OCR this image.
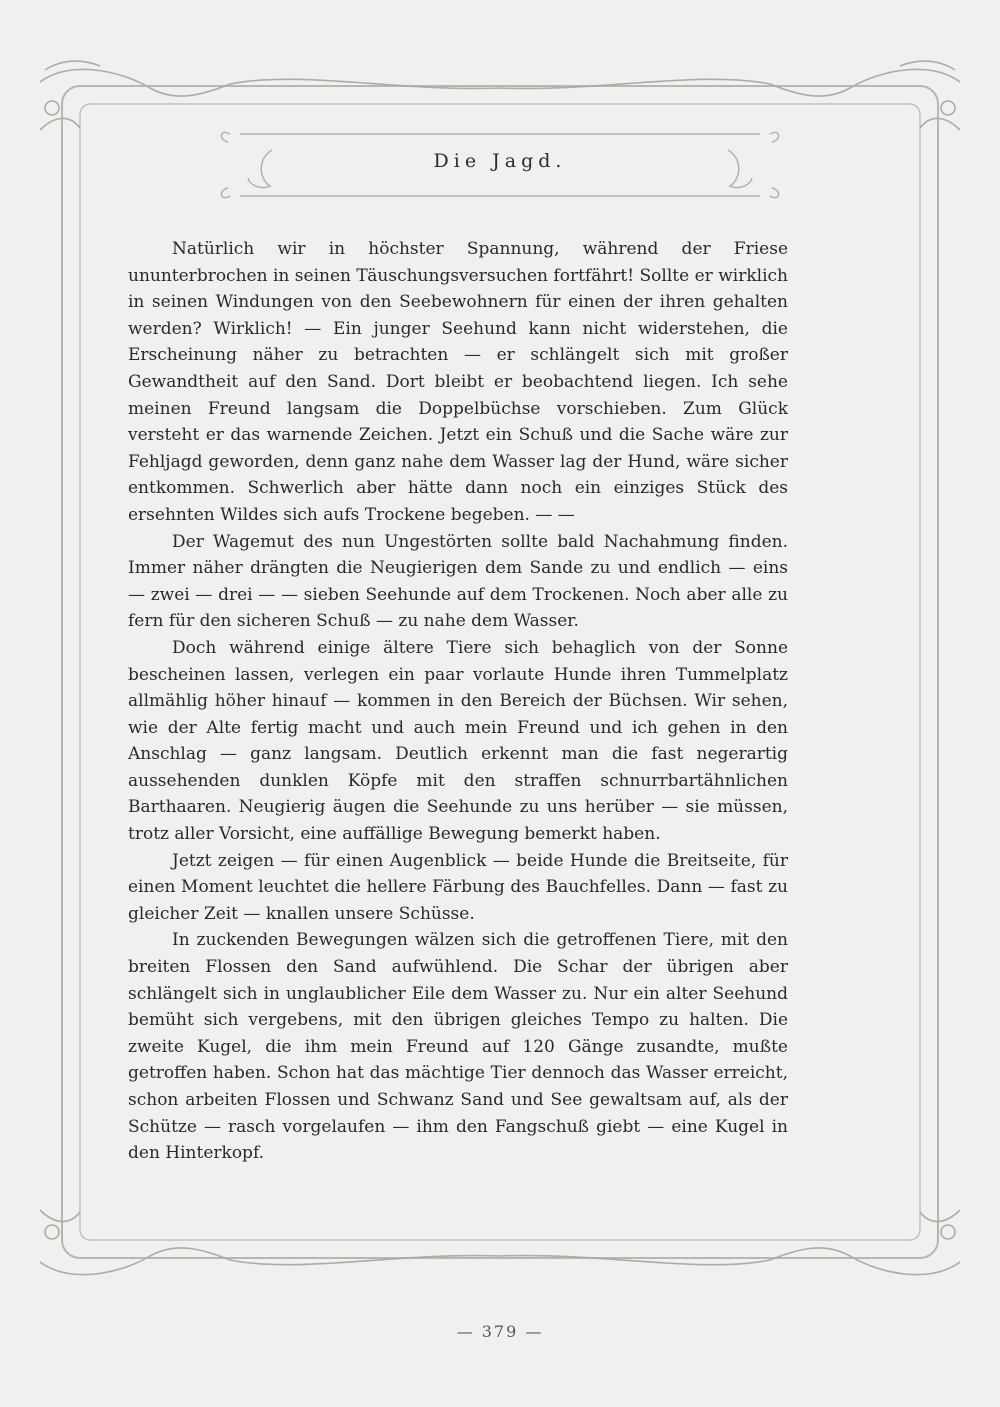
Die Jagd.

Natürlich wir in höchster Spannung, während der Friese ununterbrochen in seinen Täuschungsversuchen fortfährt! Sollte er wirklich in seinen Windungen von den Seebewohnern für einen der ihren gehalten werden? Wirklich! — Ein junger Seehund kann nicht widerstehen, die Erscheinung näher zu betrachten — er schlängelt sich mit großer Gewandtheit auf den Sand. Dort bleibt er beobachtend liegen. Ich sehe meinen Freund langsam die Doppelbüchse vorschieben. Zum Glück versteht er das warnende Zeichen. Jetzt ein Schuß und die Sache wäre zur Fehljagd geworden, denn ganz nahe dem Wasser lag der Hund, wäre sicher entkommen. Schwerlich aber hätte dann noch ein einziges Stück des ersehnten Wildes sich aufs Trockene begeben. — —

Der Wagemut des nun Ungestörten sollte bald Nachahmung finden. Immer näher drängten die Neugierigen dem Sande zu und endlich — eins — zwei — drei — — sieben Seehunde auf dem Trockenen. Noch aber alle zu fern für den sicheren Schuß — zu nahe dem Wasser.

Doch während einige ältere Tiere sich behaglich von der Sonne bescheinen lassen, verlegen ein paar vorlaute Hunde ihren Tummelplatz allmählig höher hinauf — kommen in den Bereich der Büchsen. Wir sehen, wie der Alte fertig macht und auch mein Freund und ich gehen in den Anschlag — ganz langsam. Deutlich erkennt man die fast negerartig aussehenden dunklen Köpfe mit den straffen schnurrbartähnlichen Barthaaren. Neugierig äugen die Seehunde zu uns herüber — sie müssen, trotz aller Vorsicht, eine auffällige Bewegung bemerkt haben.

Jetzt zeigen — für einen Augenblick — beide Hunde die Breitseite, für einen Moment leuchtet die hellere Färbung des Bauchfelles. Dann — fast zu gleicher Zeit — knallen unsere Schüsse.

In zuckenden Bewegungen wälzen sich die getroffenen Tiere, mit den breiten Flossen den Sand aufwühlend. Die Schar der übrigen aber schlängelt sich in unglaublicher Eile dem Wasser zu. Nur ein alter Seehund bemüht sich vergebens, mit den übrigen gleiches Tempo zu halten. Die zweite Kugel, die ihm mein Freund auf 120 Gänge zusandte, mußte getroffen haben. Schon hat das mächtige Tier dennoch das Wasser erreicht, schon arbeiten Flossen und Schwanz Sand und See gewaltsam auf, als der Schütze — rasch vorgelaufen — ihm den Fangschuß giebt — eine Kugel in den Hinterkopf.

— 379 —
